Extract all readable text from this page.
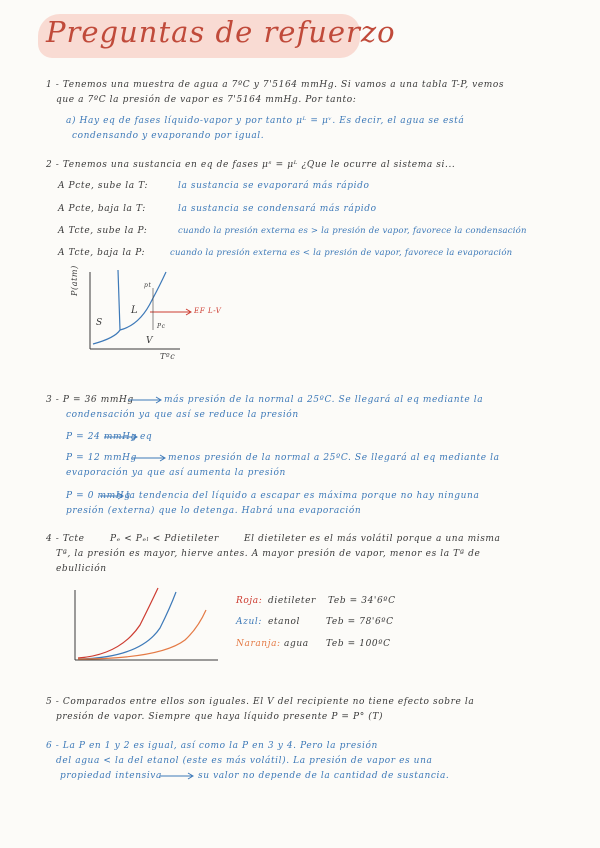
Preguntas de refuerzo
1 - Tenemos una muestra de agua a 7ºC y 7'5164 mmHg. Si vamos a una tabla T-P, vemos
que a 7ºC la presión de vapor es 7'5164 mmHg. Por tanto:
a) Hay eq de fases líquido-vapor y por tanto μᴸ = μᵛ. Es decir, el agua se está
condensando y evaporando por igual.
2 - Tenemos una sustancia en eq de fases μˢ = μᴸ ¿Que le ocurre al sistema si...
A Pcte, sube la T:	la sustancia se evaporará más rápido
A Pcte, baja la T:	la sustancia se condensará más rápido
A Tcte, sube la P:	cuando la presión externa es > la presión de vapor, favorece la condensación
A Tcte, baja la P:	cuando la presión externa es < la presión de vapor, favorece la evaporación
P(atm)
Tºc
S
L
V
pt
Pc
EF L-V
3 - P = 36 mmHg	más presión de la normal a 25ºC. Se llegará al eq mediante la
condensación ya que así se reduce la presión
P = 24 mmHg eq
P = 12 mmHg	menos presión de la normal a 25ºC. Se llegará al eq mediante la
evaporación ya que así aumenta la presión
P = 0 mmHg
la tendencia del líquido a escapar es máxima porque no hay ninguna
presión (externa) que lo detenga. Habrá una evaporación
4 - Tcte	Pₑ < Pₑₗ < Pdietileter	El dietileter es el más volátil porque a una misma
Tª, la presión es mayor, hierve antes. A mayor presión de vapor, menor es la Tª de
ebullición
Roja: dietileter Teb = 34'6ºC
Azul: etanol	Teb = 78'6ºC
Naranja: agua Teb = 100ºC
5 - Comparados entre ellos son iguales. El V del recipiente no tiene efecto sobre la
presión de vapor. Siempre que haya líquido presente P = P° (T)
6 - La P en 1 y 2 es igual, así como la P en 3 y 4. Pero la presión
del agua < la del etanol (este es más volátil). La presión de vapor es una
propiedad intensiva	su valor no depende de la cantidad de sustancia.
